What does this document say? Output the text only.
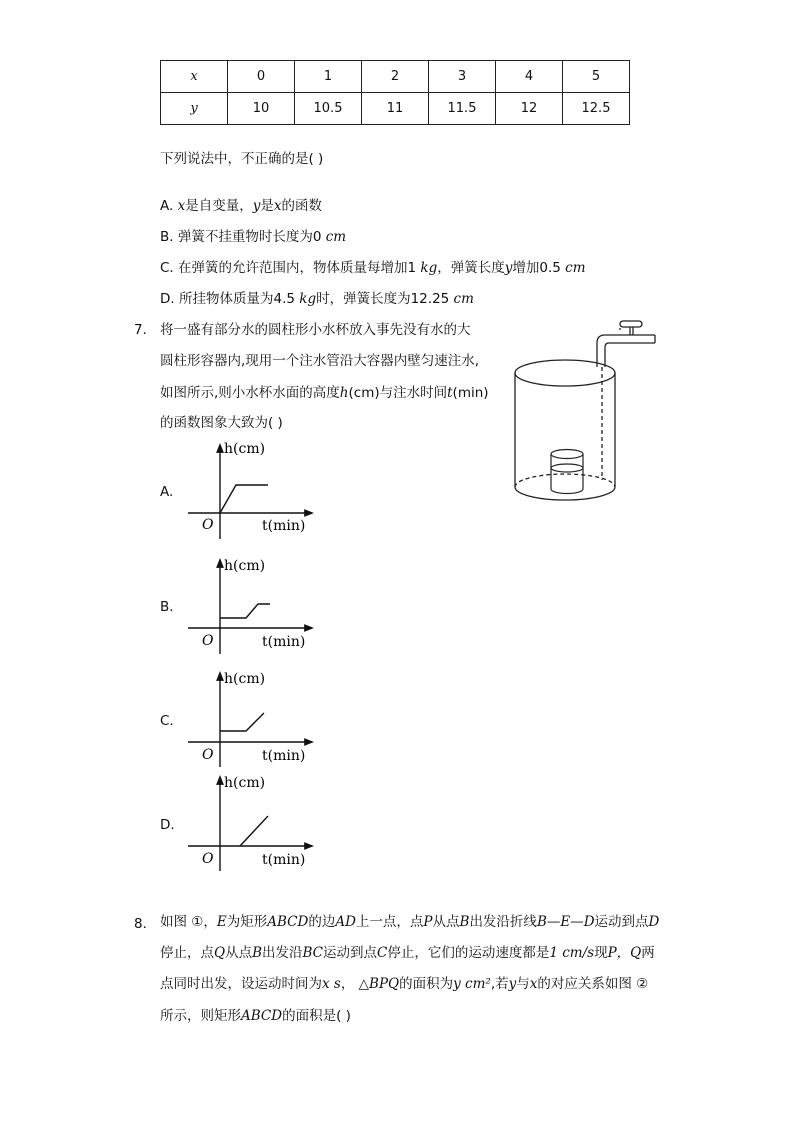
x	0	1	2	3	4	5
y	10	10.5	11	11.5	12	12.5
下列说法中，不正确的是( )
A. x是自变量，y是x的函数
B. 弹簧不挂重物时长度为0 cm
C. 在弹簧的允许范围内，物体质量每增加1 kg，弹簧长度y增加0.5 cm
D. 所挂物体质量为4.5 kg时，弹簧长度为12.25 cm
7. 将一盛有部分水的圆柱形小水杯放入事先没有水的大
圆柱形容器内,现用一个注水管沿大容器内壁匀速注水,
如图所示,则小水杯水面的高度h(cm)与注水时间t(min)
的函数图象大致为( )
A.
h(cm)
O	t(min)
B.
h(cm)
O	t(min)
C.
h(cm)
O	t(min)
D.
h(cm)
O	t(min)
8. 如图 ①，E为矩形ABCD的边AD上一点，点P从点B出发沿折线B—E—D运动到点D
停止，点Q从点B出发沿BC运动到点C停止，它们的运动速度都是1 cm/s现P，Q两
点同时出发，设运动时间为x s， △BPQ的面积为y cm²,若y与x的对应关系如图 ②
所示，则矩形ABCD的面积是( )
